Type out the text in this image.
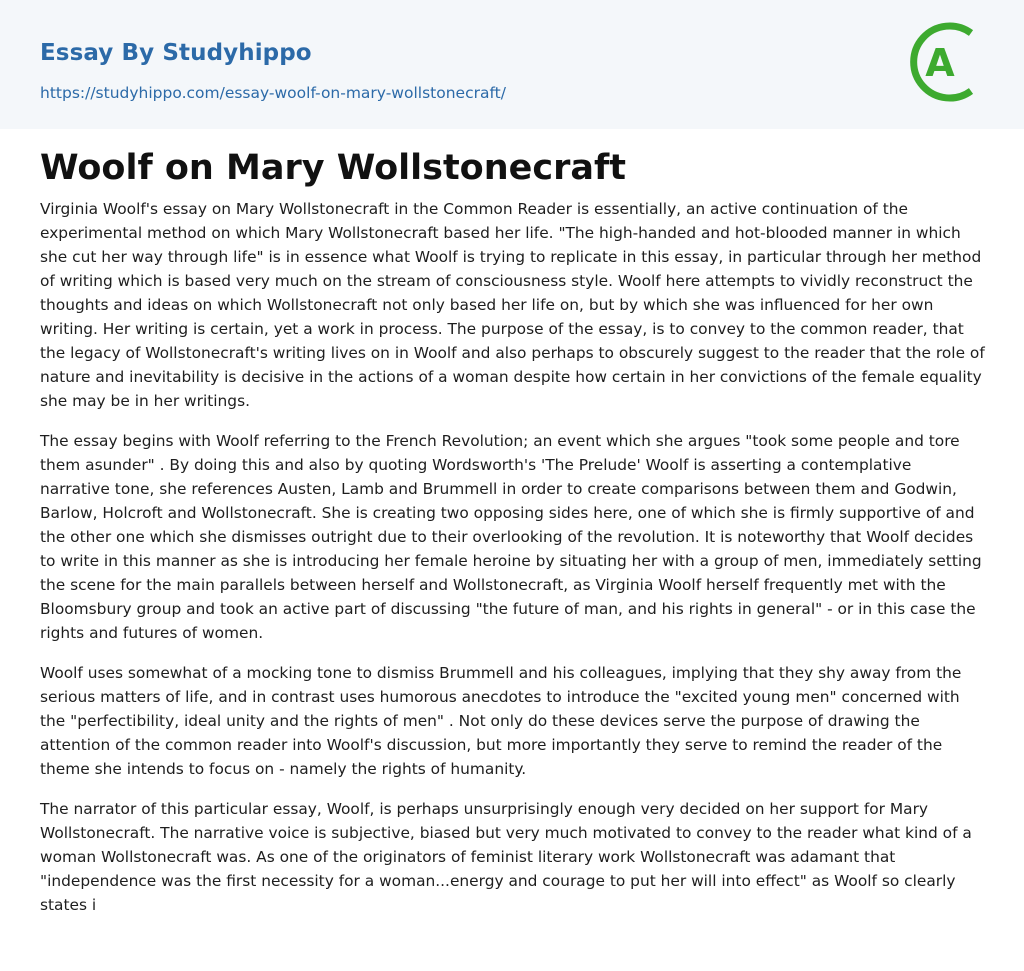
Essay By Studyhippo
https://studyhippo.com/essay-woolf-on-mary-wollstonecraft/
A
Woolf on Mary Wollstonecraft

Virginia Woolf's essay on Mary Wollstonecraft in the Common Reader is essentially, an active continuation of the experimental method on which Mary Wollstonecraft based her life. "The high-handed and hot-blooded manner in which she cut her way through life" is in essence what Woolf is trying to replicate in this essay, in particular through her method of writing which is based very much on the stream of consciousness style. Woolf here attempts to vividly reconstruct the thoughts and ideas on which Wollstonecraft not only based her life on, but by which she was influenced for her own writing. Her writing is certain, yet a work in process. The purpose of the essay, is to convey to the common reader, that the legacy of Wollstonecraft's writing lives on in Woolf and also perhaps to obscurely suggest to the reader that the role of nature and inevitability is decisive in the actions of a woman despite how certain in her convictions of the female equality she may be in her writings.

The essay begins with Woolf referring to the French Revolution; an event which she argues "took some people and tore them asunder" . By doing this and also by quoting Wordsworth's 'The Prelude' Woolf is asserting a contemplative narrative tone, she references Austen, Lamb and Brummell in order to create comparisons between them and Godwin, Barlow, Holcroft and Wollstonecraft. She is creating two opposing sides here, one of which she is firmly supportive of and the other one which she dismisses outright due to their overlooking of the revolution. It is noteworthy that Woolf decides to write in this manner as she is introducing her female heroine by situating her with a group of men, immediately setting the scene for the main parallels between herself and Wollstonecraft, as Virginia Woolf herself frequently met with the Bloomsbury group and took an active part of discussing "the future of man, and his rights in general" - or in this case the rights and futures of women.

Woolf uses somewhat of a mocking tone to dismiss Brummell and his colleagues, implying that they shy away from the serious matters of life, and in contrast uses humorous anecdotes to introduce the "excited young men" concerned with the "perfectibility, ideal unity and the rights of men" . Not only do these devices serve the purpose of drawing the attention of the common reader into Woolf's discussion, but more importantly they serve to remind the reader of the theme she intends to focus on - namely the rights of humanity.

The narrator of this particular essay, Woolf, is perhaps unsurprisingly enough very decided on her support for Mary Wollstonecraft. The narrative voice is subjective, biased but very much motivated to convey to the reader what kind of a woman Wollstonecraft was. As one of the originators of feminist literary work Wollstonecraft was adamant that "independence was the first necessity for a woman...energy and courage to put her will into effect" as Woolf so clearly states i
